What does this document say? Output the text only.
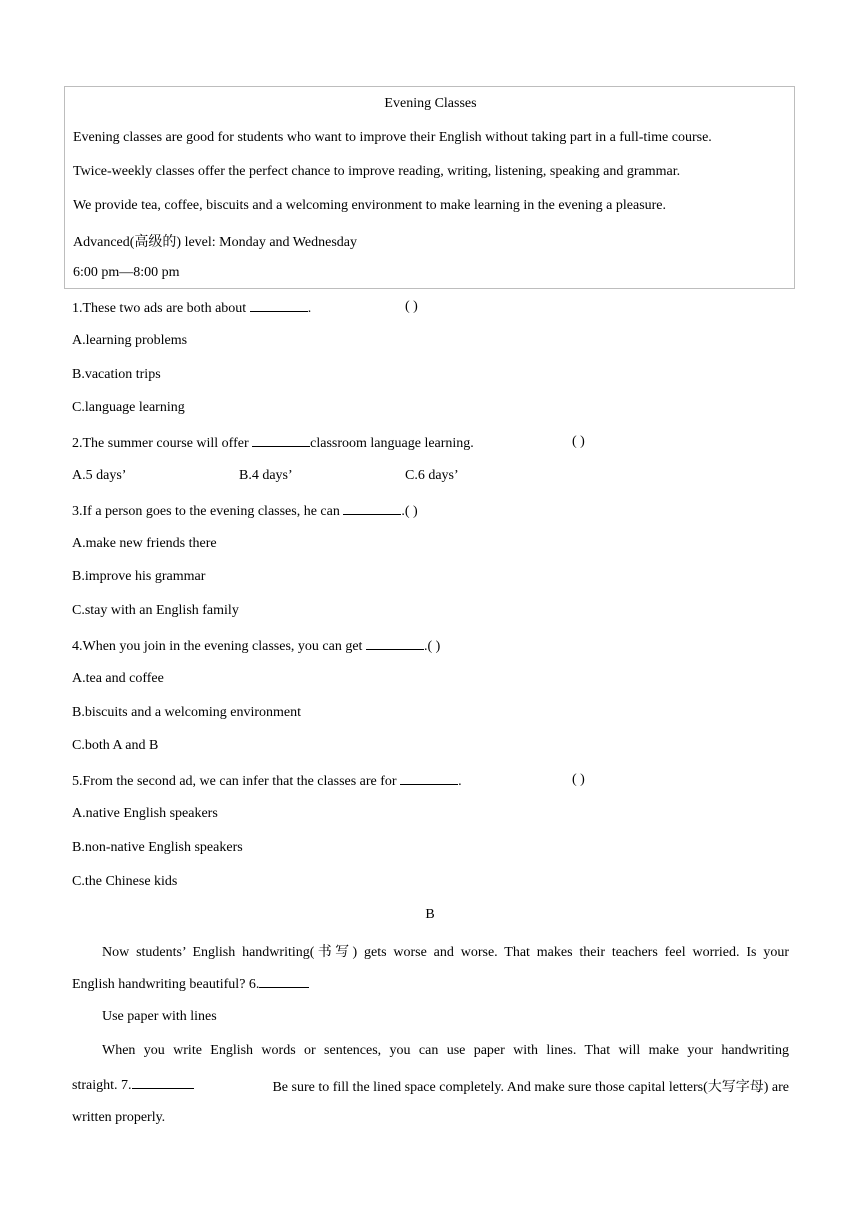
Evening Classes
Evening classes are good for students who want to improve their English without taking part in a full-time course.
Twice-weekly classes offer the perfect chance to improve reading, writing, listening, speaking and grammar.
We provide tea, coffee, biscuits and a welcoming environment to make learning in the evening a pleasure.
Advanced(高级的) level: Monday and Wednesday
6:00 pm—8:00 pm
1.These two ads are both about	.	( )
A.learning problems
B.vacation trips
C.language learning
2.The summer course will offer	classroom language learning.	( )
A.5 days’	B.4 days’	C.6 days’
3.If a person goes to the evening classes, he can	.( )
A.make new friends there
B.improve his grammar
C.stay with an English family
4.When you join in the evening classes, you can get	.( )
A.tea and coffee
B.biscuits and a welcoming environment
C.both A and B
5.From the second ad, we can infer that the classes are for	.	( )
A.native English speakers
B.non-native English speakers
C.the Chinese kids
B
Now students’ English handwriting(书写) gets worse and worse. That makes their teachers feel worried. Is your
English handwriting beautiful? 6.
Use paper with lines
When you write English words or sentences, you can use paper with lines. That will make your handwriting
straight. 7.	Be sure to fill the lined space completely. And make sure those capital letters(大写字母) are
written properly.
